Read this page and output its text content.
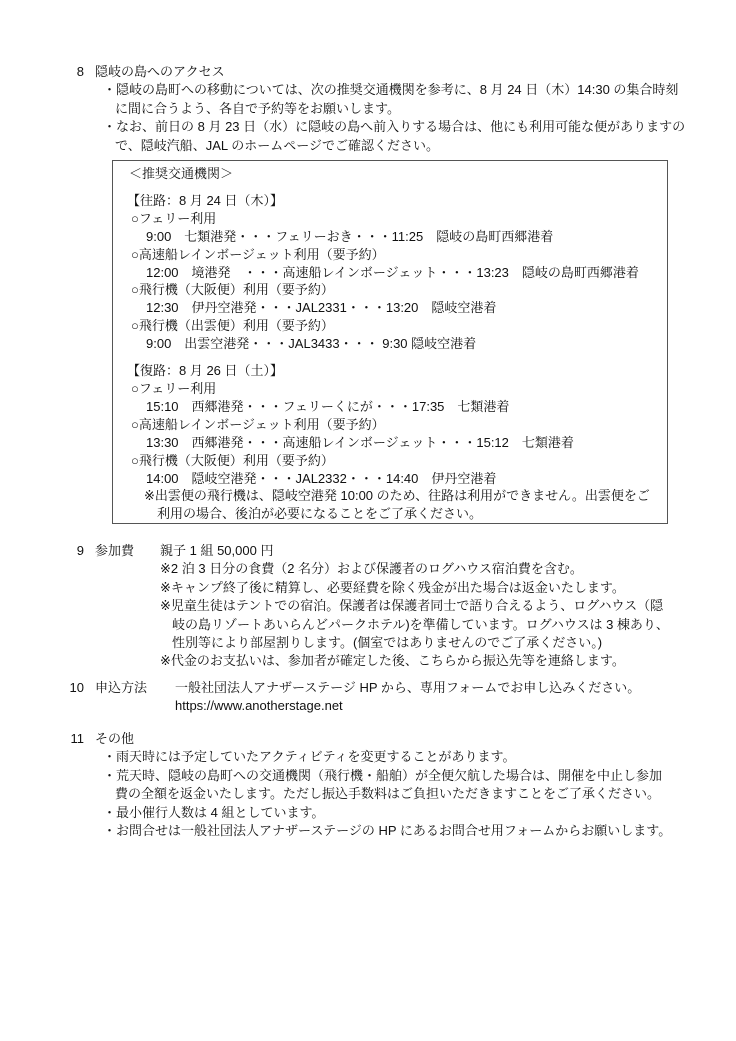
8 隠岐の島へのアクセス
・隠岐の島町への移動については、次の推奨交通機関を参考に、8 月 24 日（木）14:30 の集合時刻
に間に合うよう、各自で予約等をお願いします。
・なお、前日の 8 月 23 日（水）に隠岐の島へ前入りする場合は、他にも利用可能な便がありますの
で、隠岐汽船、JAL のホームページでご確認ください。
＜推奨交通機関＞
【往路：8 月 24 日（木）】
○フェリー利用
9:00　七類港発・・・フェリーおき・・・11:25　隠岐の島町西郷港着
○高速船レインボージェット利用（要予約）
12:00　境港発　・・・高速船レインボージェット・・・13:23　隠岐の島町西郷港着
○飛行機（大阪便）利用（要予約）
12:30　伊丹空港発・・・JAL2331・・・13:20　隠岐空港着
○飛行機（出雲便）利用（要予約）
9:00　出雲空港発・・・JAL3433・・・ 9:30 隠岐空港着
【復路：8 月 26 日（土）】
○フェリー利用
15:10　西郷港発・・・フェリーくにが・・・17:35　七類港着
○高速船レインボージェット利用（要予約）
13:30　西郷港発・・・高速船レインボージェット・・・15:12　七類港着
○飛行機（大阪便）利用（要予約）
14:00　隠岐空港発・・・JAL2332・・・14:40　伊丹空港着
※出雲便の飛行機は、隠岐空港発 10:00 のため、往路は利用ができません。出雲便をご
利用の場合、後泊が必要になることをご了承ください。
9 参加費	親子 1 組 50,000 円
※2 泊 3 日分の食費（2 名分）および保護者のログハウス宿泊費を含む。
※キャンプ終了後に精算し、必要経費を除く残金が出た場合は返金いたします。
※児童生徒はテントでの宿泊。保護者は保護者同士で語り合えるよう、ログハウス（隠
岐の島リゾートあいらんどパークホテル)を準備しています。ログハウスは 3 棟あり、
性別等により部屋割りします。(個室ではありませんのでご了承ください。)
※代金のお支払いは、参加者が確定した後、こちらから振込先等を連絡します。
10 申込方法	一般社団法人アナザーステージ HP から、専用フォームでお申し込みください。
https://www.anotherstage.net
11 その他
・雨天時には予定していたアクティビティを変更することがあります。
・荒天時、隠岐の島町への交通機関（飛行機・船舶）が全便欠航した場合は、開催を中止し参加
費の全額を返金いたします。ただし振込手数料はご負担いただきますことをご了承ください。
・最小催行人数は 4 組としています。
・お問合せは一般社団法人アナザーステージの HP にあるお問合せ用フォームからお願いします。
